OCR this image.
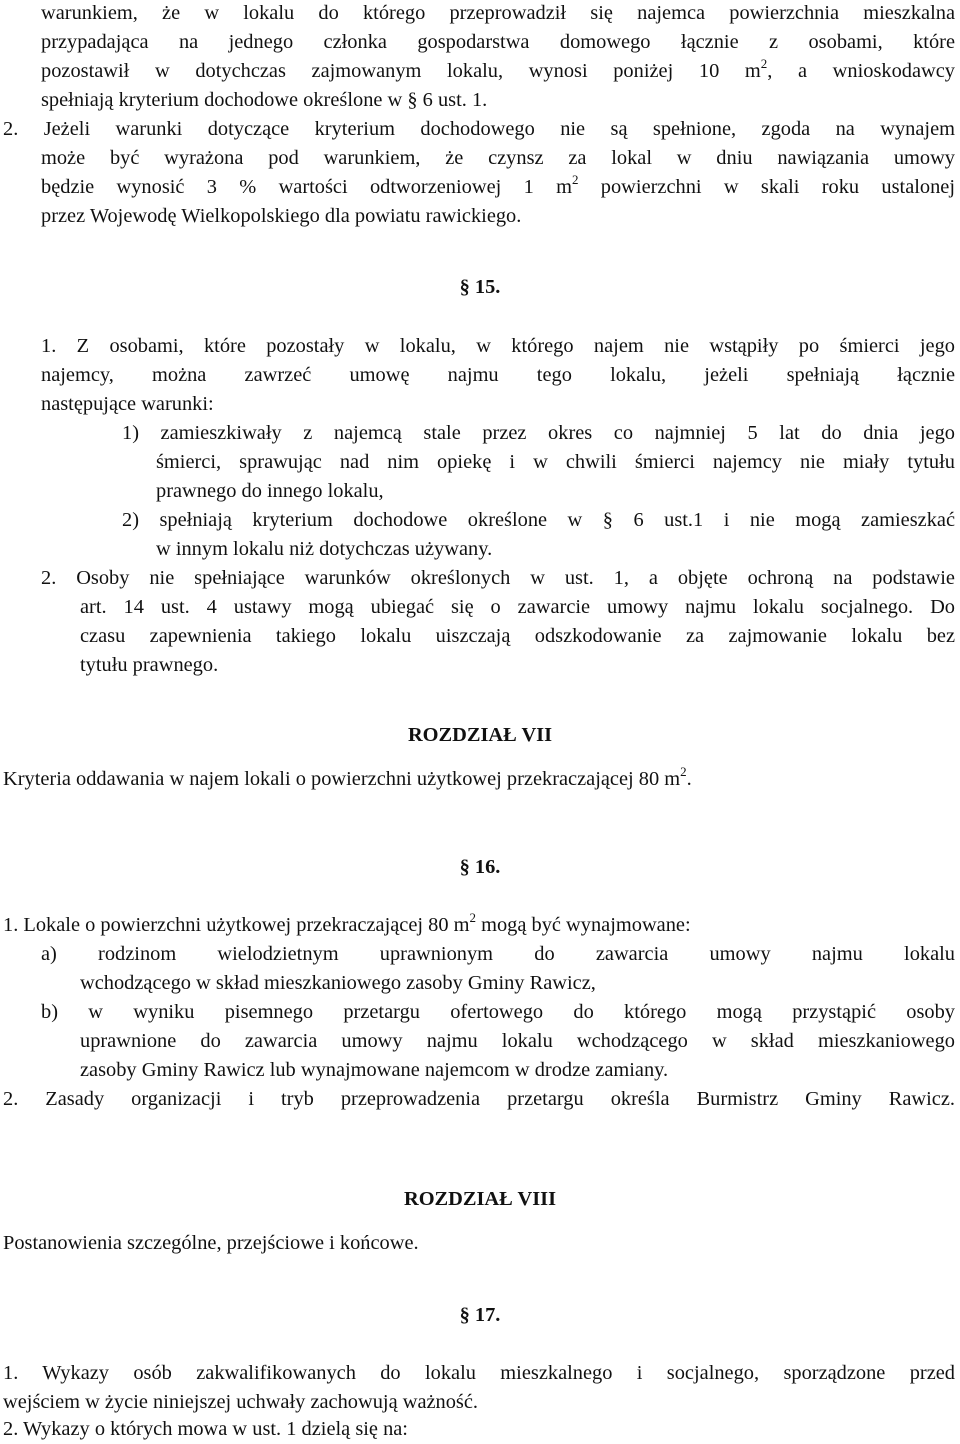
warunkiem, że w lokalu do którego przeprowadził się najemca powierzchnia mieszkalna
przypadająca na jednego członka gospodarstwa domowego łącznie z osobami, które
pozostawił w dotychczas zajmowanym lokalu, wynosi poniżej 10 $m^2$, a wnioskodawcy
spełniają kryterium dochodowe określone w § 6 ust. 1.
2. Jeżeli warunki dotyczące kryterium dochodowego nie są spełnione, zgoda na wynajem
może być wyrażona pod warunkiem, że czynsz za lokal w dniu nawiązania umowy
będzie wynosić 3 % wartości odtworzeniowej 1 $m^2$ powierzchni w skali roku ustalonej
przez Wojewodę Wielkopolskiego dla powiatu rawickiego.
§ 15.
1. Z osobami, które pozostały w lokalu, w którego najem nie wstąpiły po śmierci jego
najemcy, można zawrzeć umowę najmu tego lokalu, jeżeli spełniają łącznie
następujące warunki:
1) zamieszkiwały z najemcą stale przez okres co najmniej 5 lat do dnia jego
śmierci, sprawując nad nim opiekę i w chwili śmierci najemcy nie miały tytułu
prawnego do innego lokalu,
2) spełniają kryterium dochodowe określone w § 6 ust.1 i nie mogą zamieszkać
w innym lokalu niż dotychczas używany.
2. Osoby nie spełniające warunków określonych w ust. 1, a objęte ochroną na podstawie
art. 14 ust. 4 ustawy mogą ubiegać się o zawarcie umowy najmu lokalu socjalnego. Do
czasu zapewnienia takiego lokalu uiszczają odszkodowanie za zajmowanie lokalu bez
tytułu prawnego.
ROZDZIAŁ VII
Kryteria oddawania w najem lokali o powierzchni użytkowej przekraczającej 80 $m^2$.
§ 16.
1. Lokale o powierzchni użytkowej przekraczającej 80 $m^2$ mogą być wynajmowane:
a) rodzinom wielodzietnym uprawnionym do zawarcia umowy najmu lokalu
wchodzącego w skład mieszkaniowego zasoby Gminy Rawicz,
b) w wyniku pisemnego przetargu ofertowego do którego mogą przystąpić osoby
uprawnione do zawarcia umowy najmu lokalu wchodzącego w skład mieszkaniowego
zasoby Gminy Rawicz lub wynajmowane najemcom w drodze zamiany.
2. Zasady organizacji i tryb przeprowadzenia przetargu określa Burmistrz Gminy Rawicz.
ROZDZIAŁ VIII
Postanowienia szczególne, przejściowe i końcowe.
§ 17.
1. Wykazy osób zakwalifikowanych do lokalu mieszkalnego i socjalnego, sporządzone przed
wejściem w życie niniejszej uchwały zachowują ważność.
2. Wykazy o których mowa w ust. 1 dzielą się na:
